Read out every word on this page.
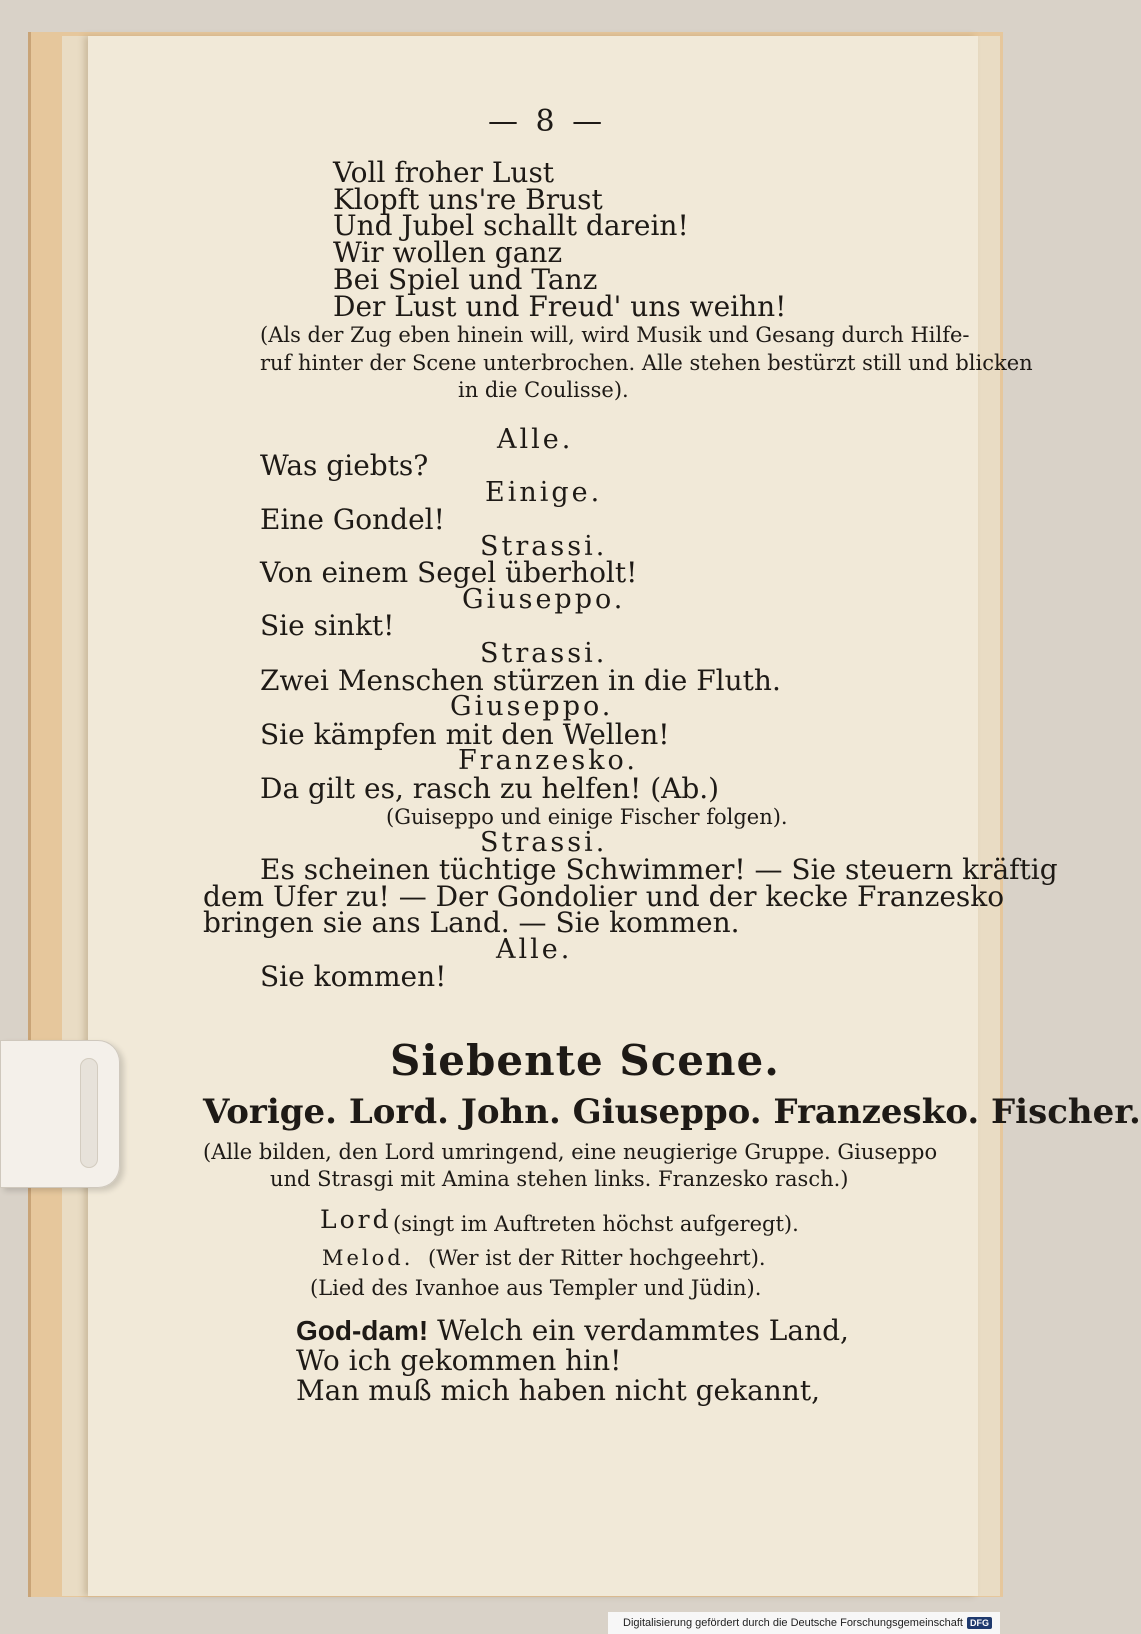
— 8 —
Voll froher Lust
Klopft uns're Brust
Und Jubel schallt darein!
Wir wollen ganz
Bei Spiel und Tanz
Der Lust und Freud' uns weihn!
(Als der Zug eben hinein will, wird Musik und Gesang durch Hilfe-
ruf hinter der Scene unterbrochen. Alle stehen bestürzt still und blicken
in die Coulisse).
Alle.
Was giebts?
Einige.
Eine Gondel!
Strassi.
Von einem Segel überholt!
Giuseppo.
Sie sinkt!
Strassi.
Zwei Menschen stürzen in die Fluth.
Giuseppo.
Sie kämpfen mit den Wellen!
Franzesko.
Da gilt es, rasch zu helfen! (Ab.)
(Guiseppo und einige Fischer folgen).
Strassi.
Es scheinen tüchtige Schwimmer! — Sie steuern kräftig
dem Ufer zu! — Der Gondolier und der kecke Franzesko
bringen sie ans Land. — Sie kommen.
Alle.
Sie kommen!
Siebente Scene.
Vorige. Lord. John. Giuseppo. Franzesko. Fischer.
(Alle bilden, den Lord umringend, eine neugierige Gruppe. Giuseppo
und Strasgi mit Amina stehen links. Franzesko rasch.)
Lord (singt im Auftreten höchst aufgeregt).
Melod. (Wer ist der Ritter hochgeehrt).
(Lied des Ivanhoe aus Templer und Jüdin).
God-dam! Welch ein verdammtes Land,
Wo ich gekommen hin!
Man muß mich haben nicht gekannt,
Digitalisierung gefördert durch die Deutsche Forschungsgemeinschaft DFG
